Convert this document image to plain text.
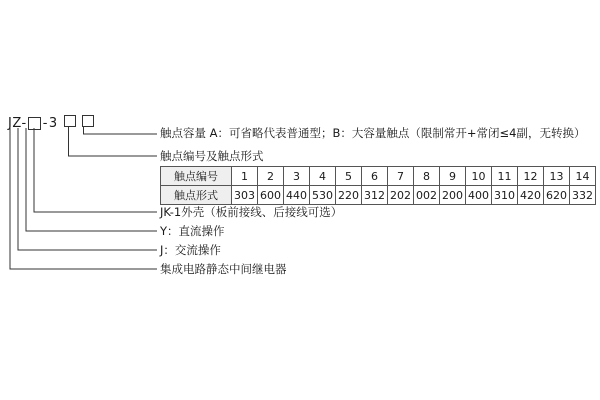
JZ- - 3
触点容量 A：可省略代表普通型；B：大容量触点（限制常开+常闭≤4副，无转换）
触点编号及触点形式
JK-1外壳（板前接线、后接线可选）
Y：直流操作
J：交流操作
集成电路静态中间继电器
触点编号	1	2	3	4	5	6	7	8	9	10	11	12	13	14
触点形式	303	600	440	530	220	312	202	002	200	400	310	420	620	332
